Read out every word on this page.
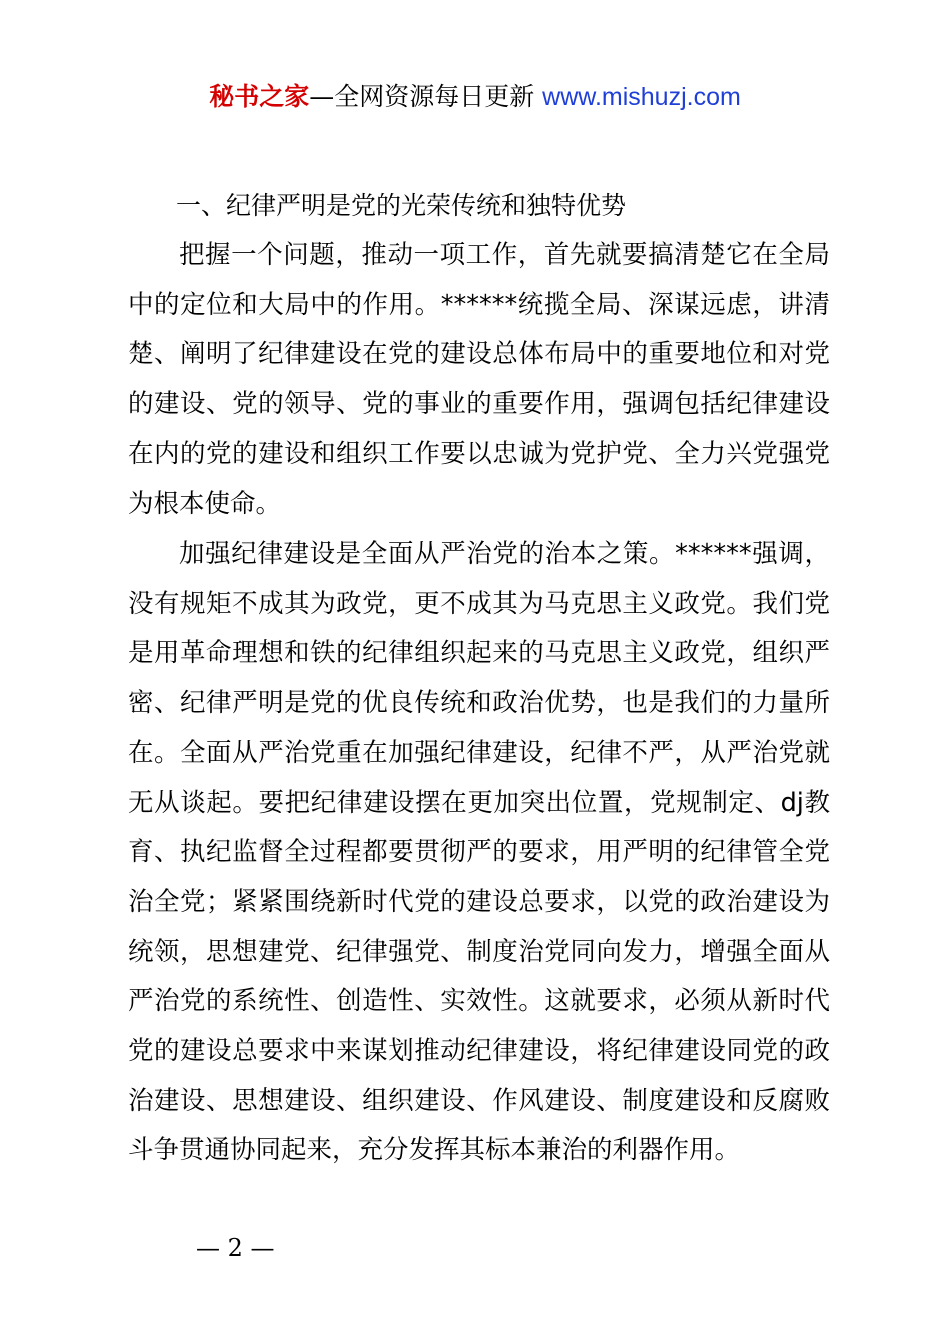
秘书之家—全网资源每日更新 www.mishuzj.com
一、纪律严明是党的光荣传统和独特优势

把握一个问题，推动一项工作，首先就要搞清楚它在全局中的定位和大局中的作用。******统揽全局、深谋远虑，讲清楚、阐明了纪律建设在党的建设总体布局中的重要地位和对党的建设、党的领导、党的事业的重要作用，强调包括纪律建设在内的党的建设和组织工作要以忠诚为党护党、全力兴党强党为根本使命。

加强纪律建设是全面从严治党的治本之策。******强调，没有规矩不成其为政党，更不成其为马克思主义政党。我们党是用革命理想和铁的纪律组织起来的马克思主义政党，组织严密、纪律严明是党的优良传统和政治优势，也是我们的力量所在。全面从严治党重在加强纪律建设，纪律不严，从严治党就无从谈起。要把纪律建设摆在更加突出位置，党规制定、dj教育、执纪监督全过程都要贯彻严的要求，用严明的纪律管全党治全党；紧紧围绕新时代党的建设总要求，以党的政治建设为统领，思想建党、纪律强党、制度治党同向发力，增强全面从严治党的系统性、创造性、实效性。这就要求，必须从新时代党的建设总要求中来谋划推动纪律建设，将纪律建设同党的政治建设、思想建设、组织建设、作风建设、制度建设和反腐败斗争贯通协同起来，充分发挥其标本兼治的利器作用。

— 2 —
